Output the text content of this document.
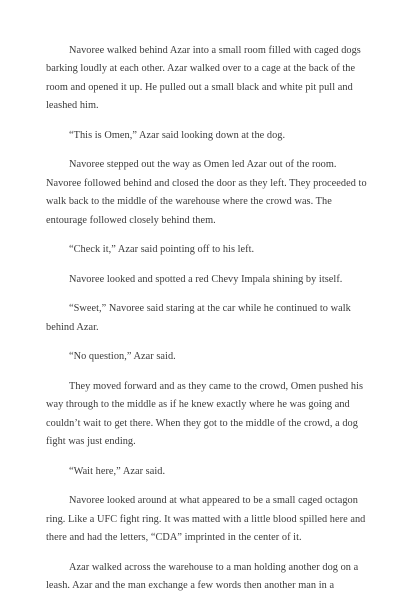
Navoree walked behind Azar into a small room filled with caged dogs barking loudly at each other. Azar walked over to a cage at the back of the room and opened it up. He pulled out a small black and white pit pull and leashed him.

“This is Omen,” Azar said looking down at the dog.

Navoree stepped out the way as Omen led Azar out of the room. Navoree followed behind and closed the door as they left. They proceeded to walk back to the middle of the warehouse where the crowd was. The entourage followed closely behind them.

“Check it,” Azar said pointing off to his left.

Navoree looked and spotted a red Chevy Impala shining by itself.

“Sweet,” Navoree said staring at the car while he continued to walk behind Azar.

“No question,” Azar said.

They moved forward and as they came to the crowd, Omen pushed his way through to the middle as if he knew exactly where he was going and couldn’t wait to get there. When they got to the middle of the crowd, a dog fight was just ending.

“Wait here,” Azar said.

Navoree looked around at what appeared to be a small caged octagon ring. Like a UFC fight ring. It was matted with a little blood spilled here and there and had the letters, “CDA” imprinted in the center of it.

Azar walked across the warehouse to a man holding another dog on a leash. Azar and the man exchange a few words then another man in a
